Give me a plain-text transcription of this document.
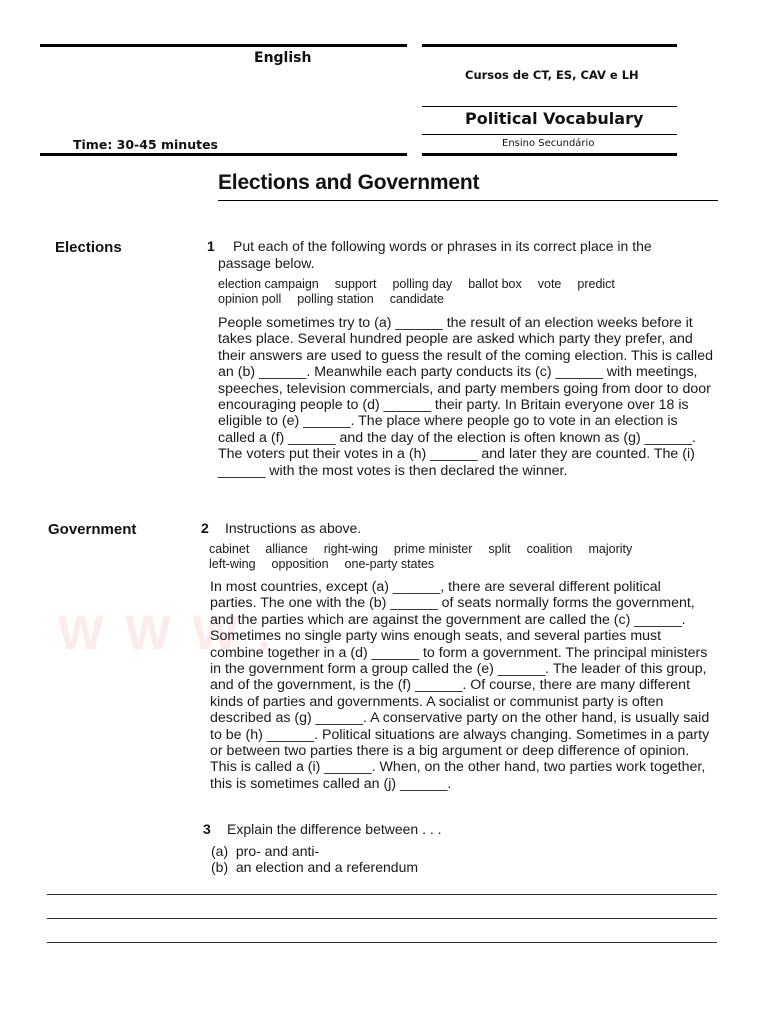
English
Cursos de CT, ES, CAV e LH
Political Vocabulary
Time: 30-45 minutes	Ensino Secundário
Elections and Government
WWW.
Elections	1 Put each of the following words or phrases in its correct place in the
passage below.
election campaign support polling day ballot box vote predictopinion poll polling station candidate
People sometimes try to (a) ______ the result of an election weeks before it takes place. Several hundred people are asked which party they prefer, and their answers are used to guess the result of the coming election. This is called an (b) ______. Meanwhile each party conducts its (c) ______ with meetings, speeches, television commercials, and party members going from door to door encouraging people to (d) ______ their party. In Britain everyone over 18 is eligible to (e) ______. The place where people go to vote in an election is called a (f) ______ and the day of the election is often known as (g) ______. The voters put their votes in a (h) ______ and later they are counted. The (i) ______ with the most votes is then declared the winner.
Government	2 Instructions as above.
cabinet alliance right-wing prime minister split coalition majorityleft-wing opposition one-party states
In most countries, except (a) ______, there are several different political parties. The one with the (b) ______ of seats normally forms the government, and the parties which are against the government are called the (c) ______. Sometimes no single party wins enough seats, and several parties must combine together in a (d) ______ to form a government. The principal ministers in the government form a group called the (e) ______. The leader of this group, and of the government, is the (f) ______. Of course, there are many different kinds of parties and governments. A socialist or communist party is often described as (g) ______. A conservative party on the other hand, is usually said to be (h) ______. Political situations are always changing. Sometimes in a party or between two parties there is a big argument or deep difference of opinion. This is called a (i) ______. When, on the other hand, two parties work together, this is sometimes called an (j) ______.
3 Explain the difference between . . .
(a)  pro- and anti-
(b)  an election and a referendum
